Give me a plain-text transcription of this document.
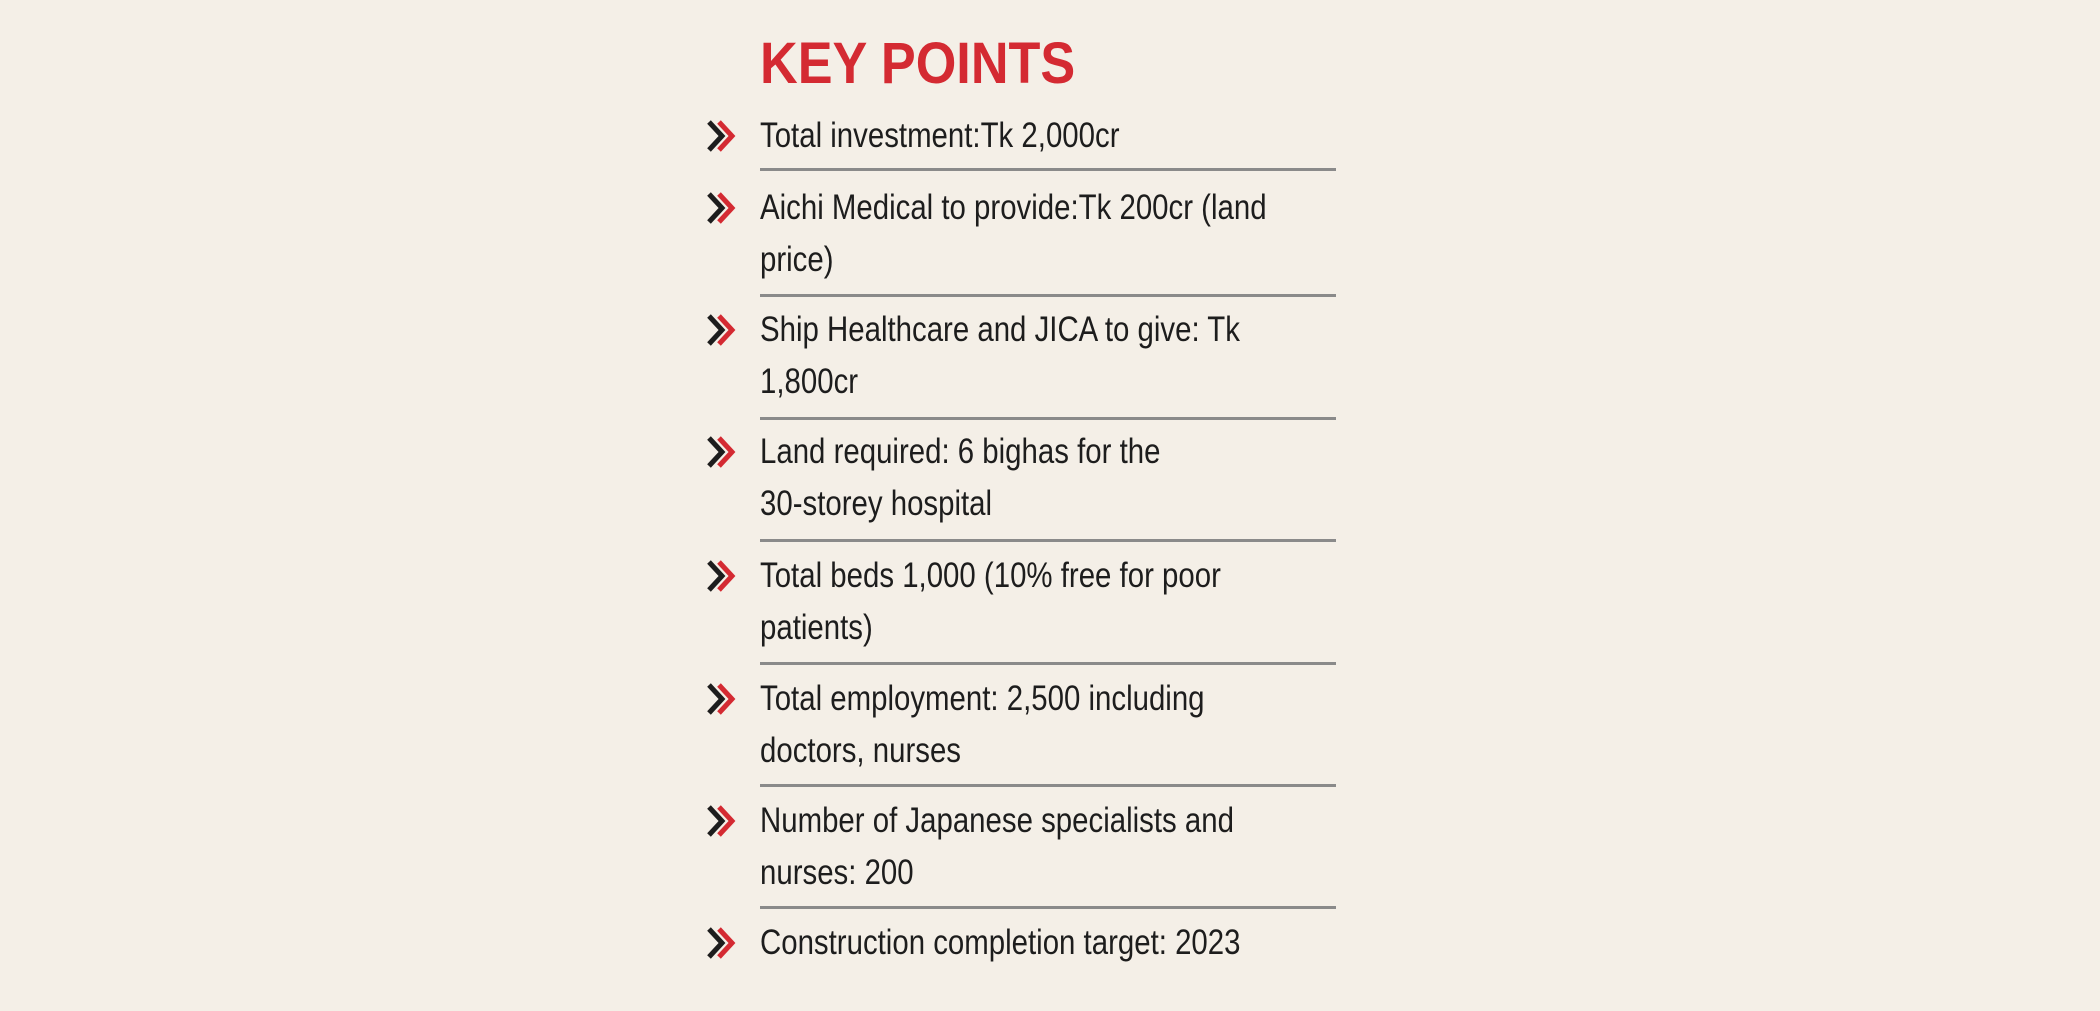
KEY POINTS
Total investment:Tk 2,000cr
Aichi Medical to provide:Tk 200cr (land
price)
Ship Healthcare and JICA to give: Tk
1,800cr
Land required: 6 bighas for the
30-storey hospital
Total beds 1,000 (10% free for poor
patients)
Total employment: 2,500 including
doctors, nurses
Number of Japanese specialists and
nurses: 200
Construction completion target: 2023
